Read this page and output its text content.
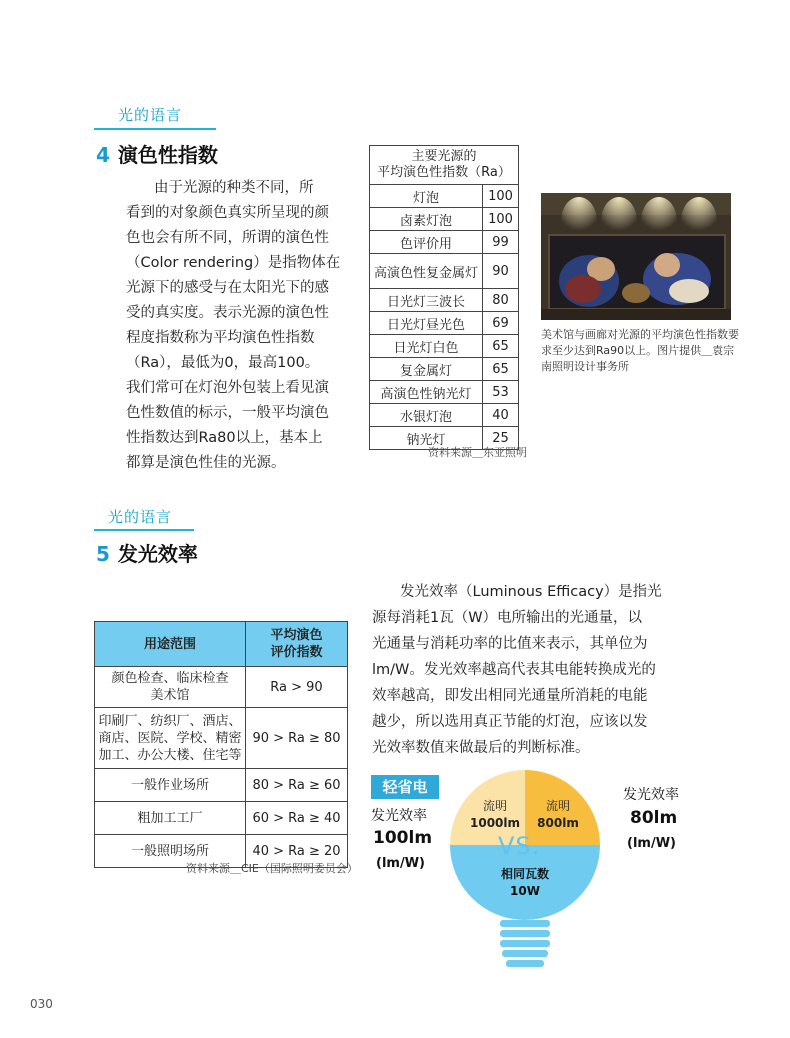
光的语言
4 演色性指数

由于光源的种类不同，所

看到的对象颜色真实所呈现的颜

色也会有所不同，所谓的演色性

（Color rendering）是指物体在

光源下的感受与在太阳光下的感

受的真实度。表示光源的演色性

程度指数称为平均演色性指数

（Ra），最低为0，最高100。

我们常可在灯泡外包装上看见演

色性数值的标示，一般平均演色

性指数达到Ra80以上，基本上

都算是演色性佳的光源。

主要光源的
平均演色性指数（Ra）	

灯泡	100
卤素灯泡	100
色评价用	99
高演色性复金属灯	90
日光灯三波长	80
日光灯昼光色	69
日光灯白色	65
复金属灯	65
高演色性钠光灯	53
水银灯泡	40
钠光灯	25
资料来源＿东亚照明
美术馆与画廊对光源的平均演色性指数要
求至少达到Ra90以上。图片提供＿袁宗
南照明设计事务所
光的语言
5 发光效率

发光效率（Luminous Efficacy）是指光

源每消耗1瓦（W）电所输出的光通量，以

光通量与消耗功率的比值来表示，其单位为

lm/W。发光效率越高代表其电能转换成光的

效率越高，即发出相同光通量所消耗的电能

越少，所以选用真正节能的灯泡，应该以发

光效率数值来做最后的判断标准。

用途范围	平均演色
评价指数

颜色检查、临床检查
美术馆	Ra > 90

印刷厂、纺织厂、酒店、
商店、医院、学校、精密
加工、办公大楼、住宅等	90 > Ra ≥ 80

一般作业场所	80 > Ra ≥ 60

粗加工工厂	60 > Ra ≥ 40

一般照明场所	40 > Ra ≥ 20
资料来源＿CIE（国际照明委员会）
轻省电
发光效率
100lm
(lm/W)
发光效率
80lm
(lm/W)
流明
1000lm
流明
800lm
VS.
相同瓦数
10W
030
